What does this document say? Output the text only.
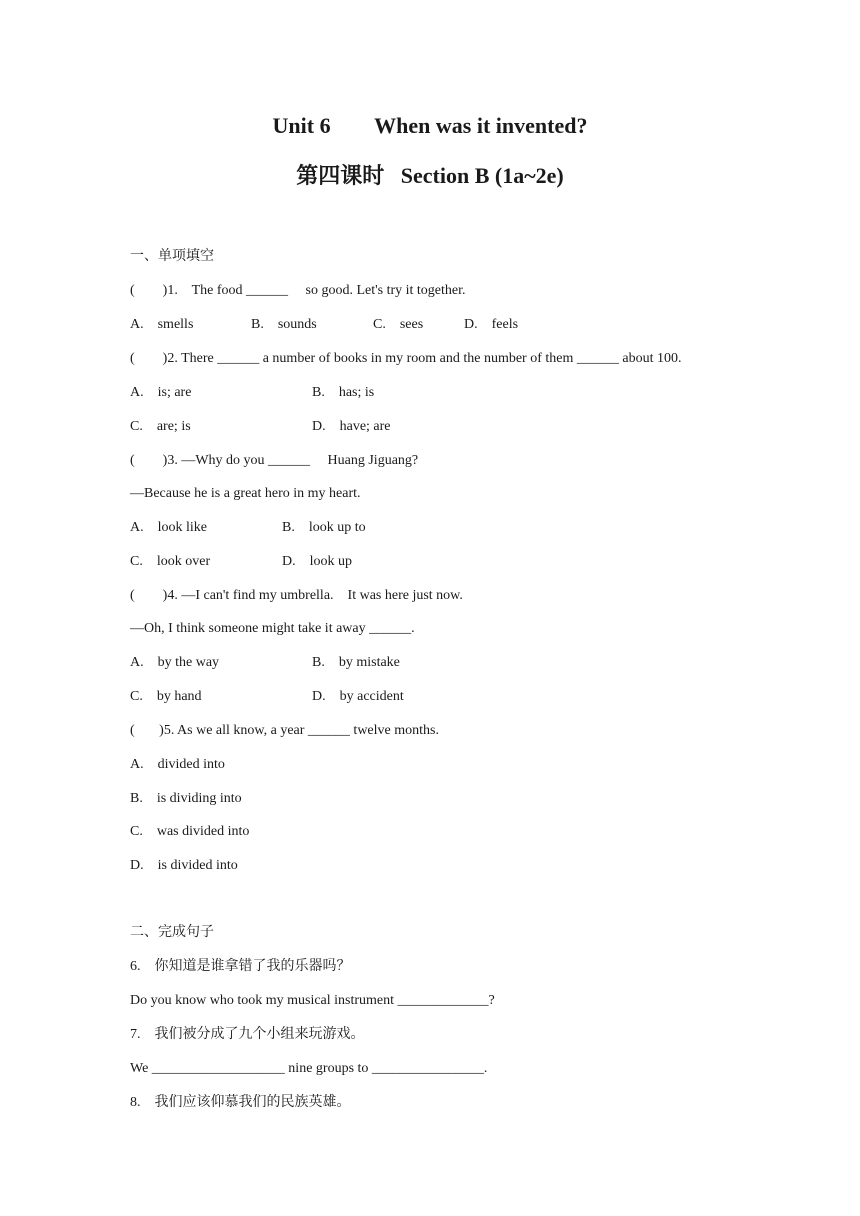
Unit 6        When was it invented?
第四课时   Section B (1a~2e)
一、单项填空
(        )1.    The food ______     so good. Let's try it together.
A.    smells	B.    sounds	C.    sees	D.    feels
(        )2. There ______ a number of books in my room and the number of them ______ about 100.
A.    is; are	B.    has; is
C.    are; is	D.    have; are
(        )3. —Why do you ______     Huang Jiguang?
—Because he is a great hero in my heart.
A.    look like	B.    look up to
C.    look over	D.    look up
(        )4. —I can't find my umbrella.    It was here just now.
—Oh, I think someone might take it away ______.
A.    by the way	B.    by mistake
C.    by hand	D.    by accident
(       )5. As we all know, a year ______ twelve months.
A.    divided into
B.    is dividing into
C.    was divided into
D.    is divided into
二、完成句子
6.    你知道是谁拿错了我的乐器吗？
Do you know who took my musical instrument _____________?
7.    我们被分成了九个小组来玩游戏。
We ___________________ nine groups to ________________.
8.    我们应该仰慕我们的民族英雄。
